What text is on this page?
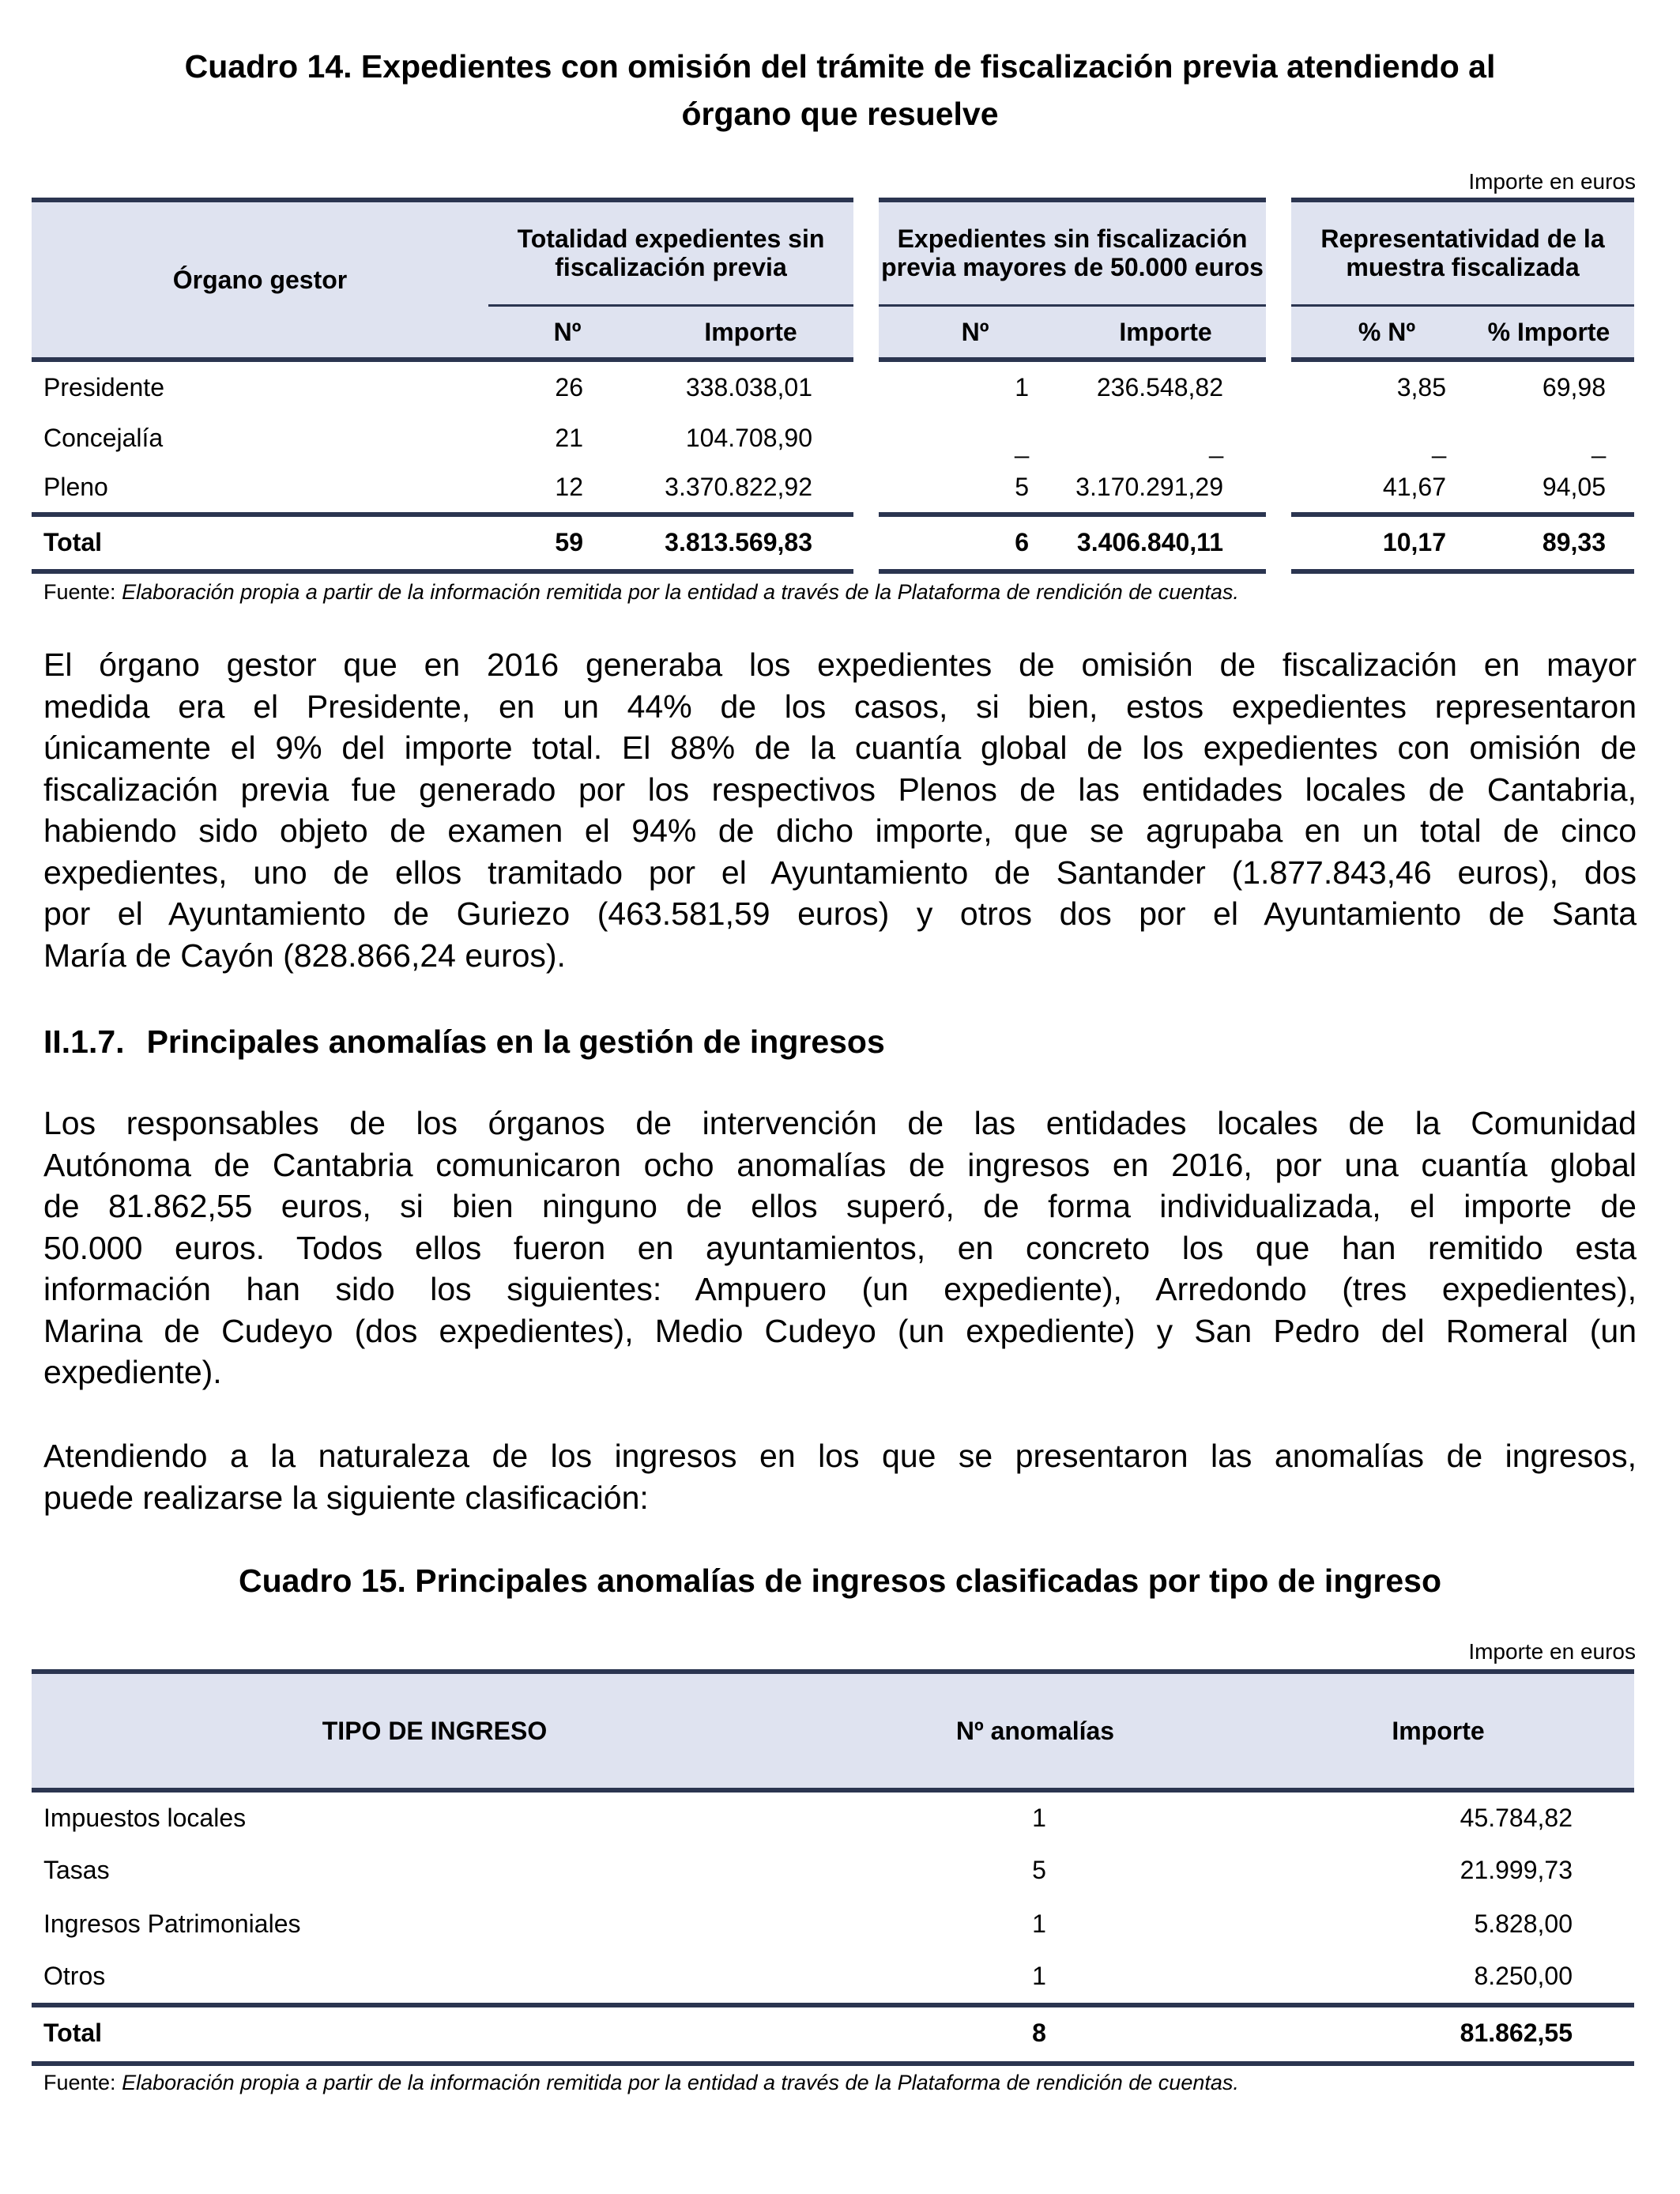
Cuadro 14. Expedientes con omisión del trámite de fiscalización previa atendiendo al
órgano que resuelve
Importe en euros
Órgano gestor
Totalidad expedientes sin fiscalización previa
Expedientes sin fiscalización previa mayores de 50.000 euros
Representatividad de la muestra fiscalizada
Nº	Importe	Nº	Importe	% Nº	% Importe
Presidente	26	338.038,01	1	236.548,82	3,85	69,98
Concejalía	21	104.708,90	_	_	_	_
Pleno	12	3.370.822,92	5	3.170.291,29	41,67	94,05
Total	59	3.813.569,83	6	3.406.840,11	10,17	89,33
Fuente: Elaboración propia a partir de la información remitida por la entidad a través de la Plataforma de rendición de cuentas.
El órgano gestor que en 2016 generaba los expedientes de omisión de fiscalización en mayor
medida era el Presidente, en un 44% de los casos, si bien, estos expedientes representaron
únicamente el 9% del importe total. El 88% de la cuantía global de los expedientes con omisión de
fiscalización previa fue generado por los respectivos Plenos de las entidades locales de Cantabria,
habiendo sido objeto de examen el 94% de dicho importe, que se agrupaba en un total de cinco
expedientes, uno de ellos tramitado por el Ayuntamiento de Santander (1.877.843,46 euros), dos
por el Ayuntamiento de Guriezo (463.581,59 euros) y otros dos por el Ayuntamiento de Santa
María de Cayón (828.866,24 euros).
II.1.7. Principales anomalías en la gestión de ingresos
Los responsables de los órganos de intervención de las entidades locales de la Comunidad
Autónoma de Cantabria comunicaron ocho anomalías de ingresos en 2016, por una cuantía global
de 81.862,55 euros, si bien ninguno de ellos superó, de forma individualizada, el importe de
50.000 euros. Todos ellos fueron en ayuntamientos, en concreto los que han remitido esta
información han sido los siguientes: Ampuero (un expediente), Arredondo (tres expedientes),
Marina de Cudeyo (dos expedientes), Medio Cudeyo (un expediente) y San Pedro del Romeral (un
expediente).
Atendiendo a la naturaleza de los ingresos en los que se presentaron las anomalías de ingresos,
puede realizarse la siguiente clasificación:
Cuadro 15. Principales anomalías de ingresos clasificadas por tipo de ingreso
Importe en euros
TIPO DE INGRESO	Nº anomalías	Importe
Impuestos locales	1	45.784,82
Tasas	5	21.999,73
Ingresos Patrimoniales	1	5.828,00
Otros	1	8.250,00
Total	8	81.862,55
Fuente: Elaboración propia a partir de la información remitida por la entidad a través de la Plataforma de rendición de cuentas.
